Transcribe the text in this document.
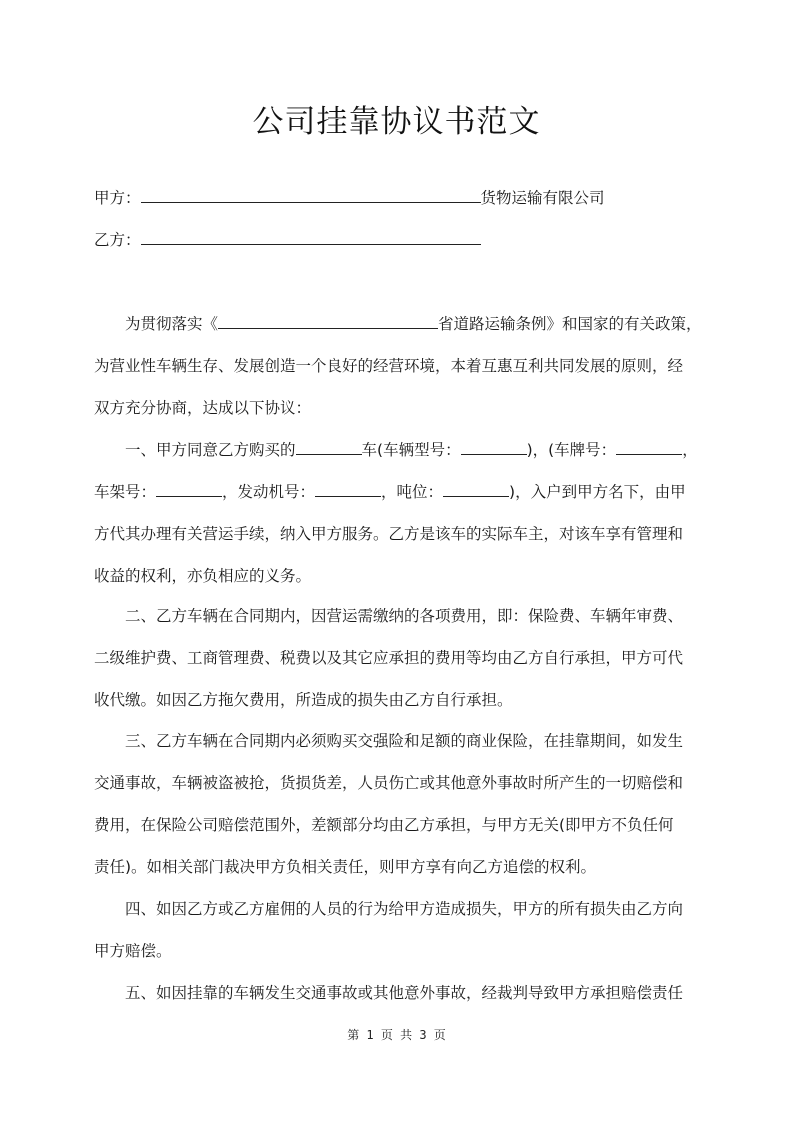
公司挂靠协议书范文
甲方：	货物运输有限公司
乙方：
为贯彻落实《	省道路运输条例》和国家的有关政策，
为营业性车辆生存、发展创造一个良好的经营环境，本着互惠互利共同发展的原则，经
双方充分协商，达成以下协议：
一、甲方同意乙方购买的	车(车辆型号：	)，(车牌号：	，
车架号：	，发动机号：	，吨位：	)，入户到甲方名下，由甲
方代其办理有关营运手续，纳入甲方服务。乙方是该车的实际车主，对该车享有管理和
收益的权利，亦负相应的义务。
二、乙方车辆在合同期内，因营运需缴纳的各项费用，即：保险费、车辆年审费、
二级维护费、工商管理费、税费以及其它应承担的费用等均由乙方自行承担，甲方可代
收代缴。如因乙方拖欠费用，所造成的损失由乙方自行承担。
三、乙方车辆在合同期内必须购买交强险和足额的商业保险，在挂靠期间，如发生
交通事故，车辆被盗被抢，货损货差，人员伤亡或其他意外事故时所产生的一切赔偿和
费用，在保险公司赔偿范围外，差额部分均由乙方承担，与甲方无关(即甲方不负任何
责任)。如相关部门裁决甲方负相关责任，则甲方享有向乙方追偿的权利。
四、如因乙方或乙方雇佣的人员的行为给甲方造成损失，甲方的所有损失由乙方向
甲方赔偿。
五、如因挂靠的车辆发生交通事故或其他意外事故，经裁判导致甲方承担赔偿责任
第 1 页 共 3 页
